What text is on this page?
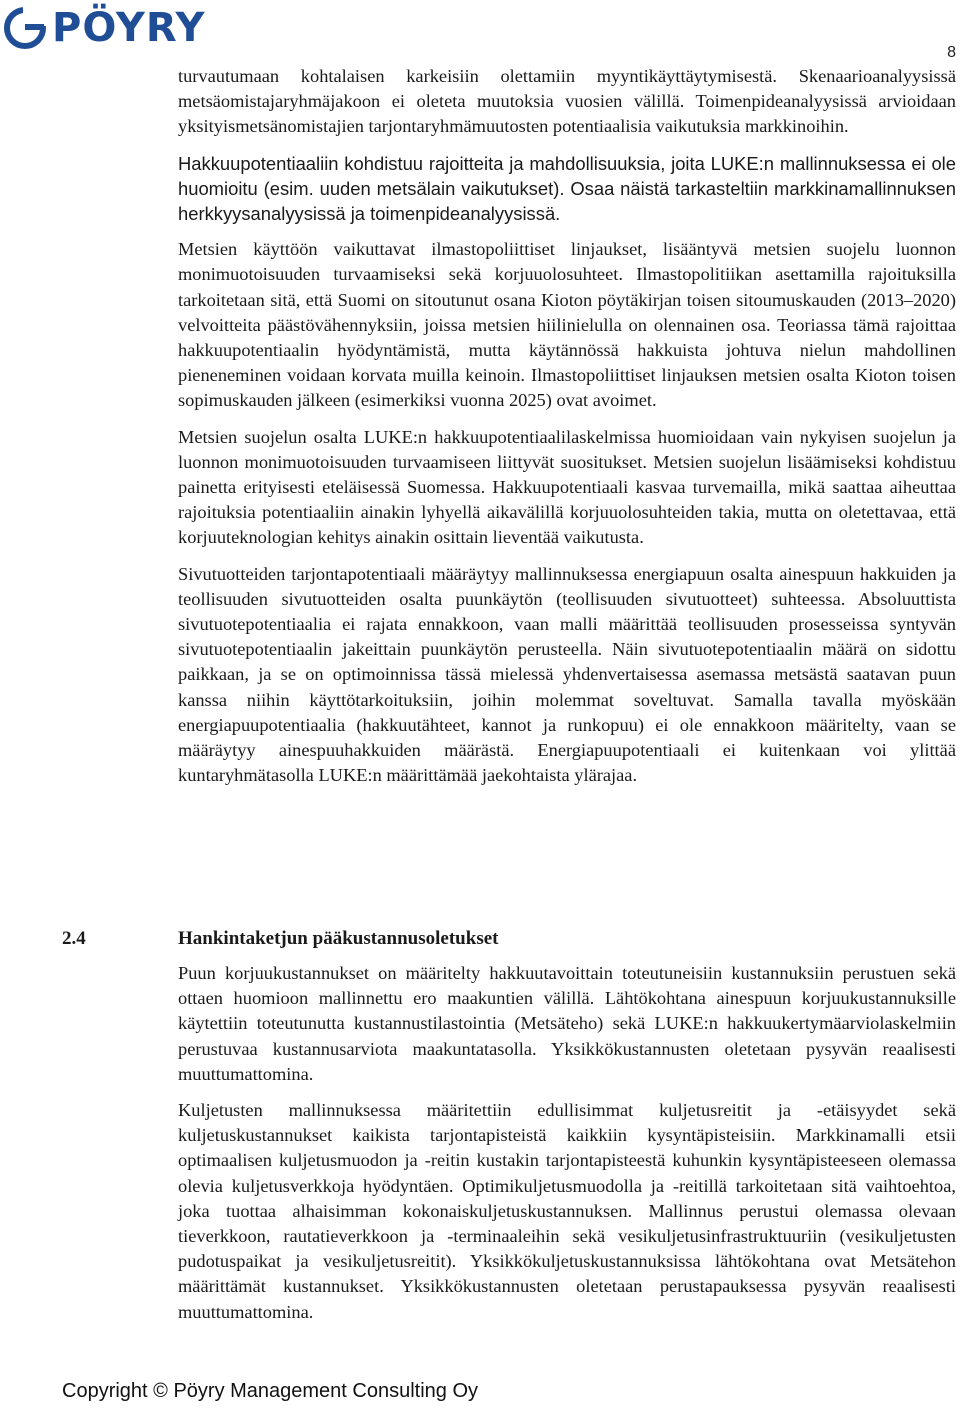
PÖYRY
8

turvautumaan kohtalaisen karkeisiin olettamiin myyntikäyttäytymisestä. Skenaarioanalyysissä metsäomistajaryhmäjakoon ei oleteta muutoksia vuosien välillä. Toimenpideanalyysissä arvioidaan yksityismetsänomistajien tarjontaryhmämuutosten potentiaalisia vaikutuksia markkinoihin.

Hakkuupotentiaaliin kohdistuu rajoitteita ja mahdollisuuksia, joita LUKE:n mallinnuksessa ei ole huomioitu (esim. uuden metsälain vaikutukset). Osaa näistä tarkasteltiin markkinamallinnuksen herkkyysanalyysissä ja toimenpideanalyysissä.

Metsien käyttöön vaikuttavat ilmastopoliittiset linjaukset, lisääntyvä metsien suojelu luonnon monimuotoisuuden turvaamiseksi sekä korjuuolosuhteet. Ilmastopolitiikan asettamilla rajoituksilla tarkoitetaan sitä, että Suomi on sitoutunut osana Kioton pöytäkirjan toisen sitoumuskauden (2013–2020) velvoitteita päästövähennyksiin, joissa metsien hiilinielulla on olennainen osa. Teoriassa tämä rajoittaa hakkuupotentiaalin hyödyntämistä, mutta käytännössä hakkuista johtuva nielun mahdollinen pieneneminen voidaan korvata muilla keinoin. Ilmastopoliittiset linjauksen metsien osalta Kioton toisen sopimuskauden jälkeen (esimerkiksi vuonna 2025) ovat avoimet.

Metsien suojelun osalta LUKE:n hakkuupotentiaalilaskelmissa huomioidaan vain nykyisen suojelun ja luonnon monimuotoisuuden turvaamiseen liittyvät suositukset. Metsien suojelun lisäämiseksi kohdistuu painetta erityisesti eteläisessä Suomessa. Hakkuupotentiaali kasvaa turvemailla, mikä saattaa aiheuttaa rajoituksia potentiaaliin ainakin lyhyellä aikavälillä korjuuolosuhteiden takia, mutta on oletettavaa, että korjuuteknologian kehitys ainakin osittain lieventää vaikutusta.

Sivutuotteiden tarjontapotentiaali määräytyy mallinnuksessa energiapuun osalta ainespuun hakkuiden ja teollisuuden sivutuotteiden osalta puunkäytön (teollisuuden sivutuotteet) suhteessa. Absoluuttista sivutuotepotentiaalia ei rajata ennakkoon, vaan malli määrittää teollisuuden prosesseissa syntyvän sivutuotepotentiaalin jakeittain puunkäytön perusteella. Näin sivutuotepotentiaalin määrä on sidottu paikkaan, ja se on optimoinnissa tässä mielessä yhdenvertaisessa asemassa metsästä saatavan puun kanssa niihin käyttötarkoituksiin, joihin molemmat soveltuvat. Samalla tavalla myöskään energiapuupotentiaalia (hakkuutähteet, kannot ja runkopuu) ei ole ennakkoon määritelty, vaan se määräytyy ainespuuhakkuiden määrästä. Energiapuupotentiaali ei kuitenkaan voi ylittää kuntaryhmätasolla LUKE:n määrittämää jaekohtaista ylärajaa.

2.4	Hankintaketjun pääkustannusoletukset

Puun korjuukustannukset on määritelty hakkuutavoittain toteutuneisiin kustannuksiin perustuen sekä ottaen huomioon mallinnettu ero maakuntien välillä. Lähtökohtana ainespuun korjuukustannuksille käytettiin toteutunutta kustannustilastointia (Metsäteho) sekä LUKE:n hakkuukertymäarviolaskelmiin perustuvaa kustannusarviota maakuntatasolla. Yksikkökustannusten oletetaan pysyvän reaalisesti muuttumattomina.

Kuljetusten mallinnuksessa määritettiin edullisimmat kuljetusreitit ja -etäisyydet sekä kuljetuskustannukset kaikista tarjontapisteistä kaikkiin kysyntäpisteisiin. Markkinamalli etsii optimaalisen kuljetusmuodon ja -reitin kustakin tarjontapisteestä kuhunkin kysyntäpisteeseen olemassa olevia kuljetusverkkoja hyödyntäen. Optimikuljetusmuodolla ja -reitillä tarkoitetaan sitä vaihtoehtoa, joka tuottaa alhaisimman kokonaiskuljetuskustannuksen. Mallinnus perustui olemassa olevaan tieverkkoon, rautatieverkkoon ja -terminaaleihin sekä vesikuljetusinfrastruktuuriin (vesikuljetusten pudotuspaikat ja vesikuljetusreitit). Yksikkökuljetuskustannuksissa lähtökohtana ovat Metsätehon määrittämät kustannukset. Yksikkökustannusten oletetaan perustapauksessa pysyvän reaalisesti muuttumattomina.

Copyright © Pöyry Management Consulting Oy
